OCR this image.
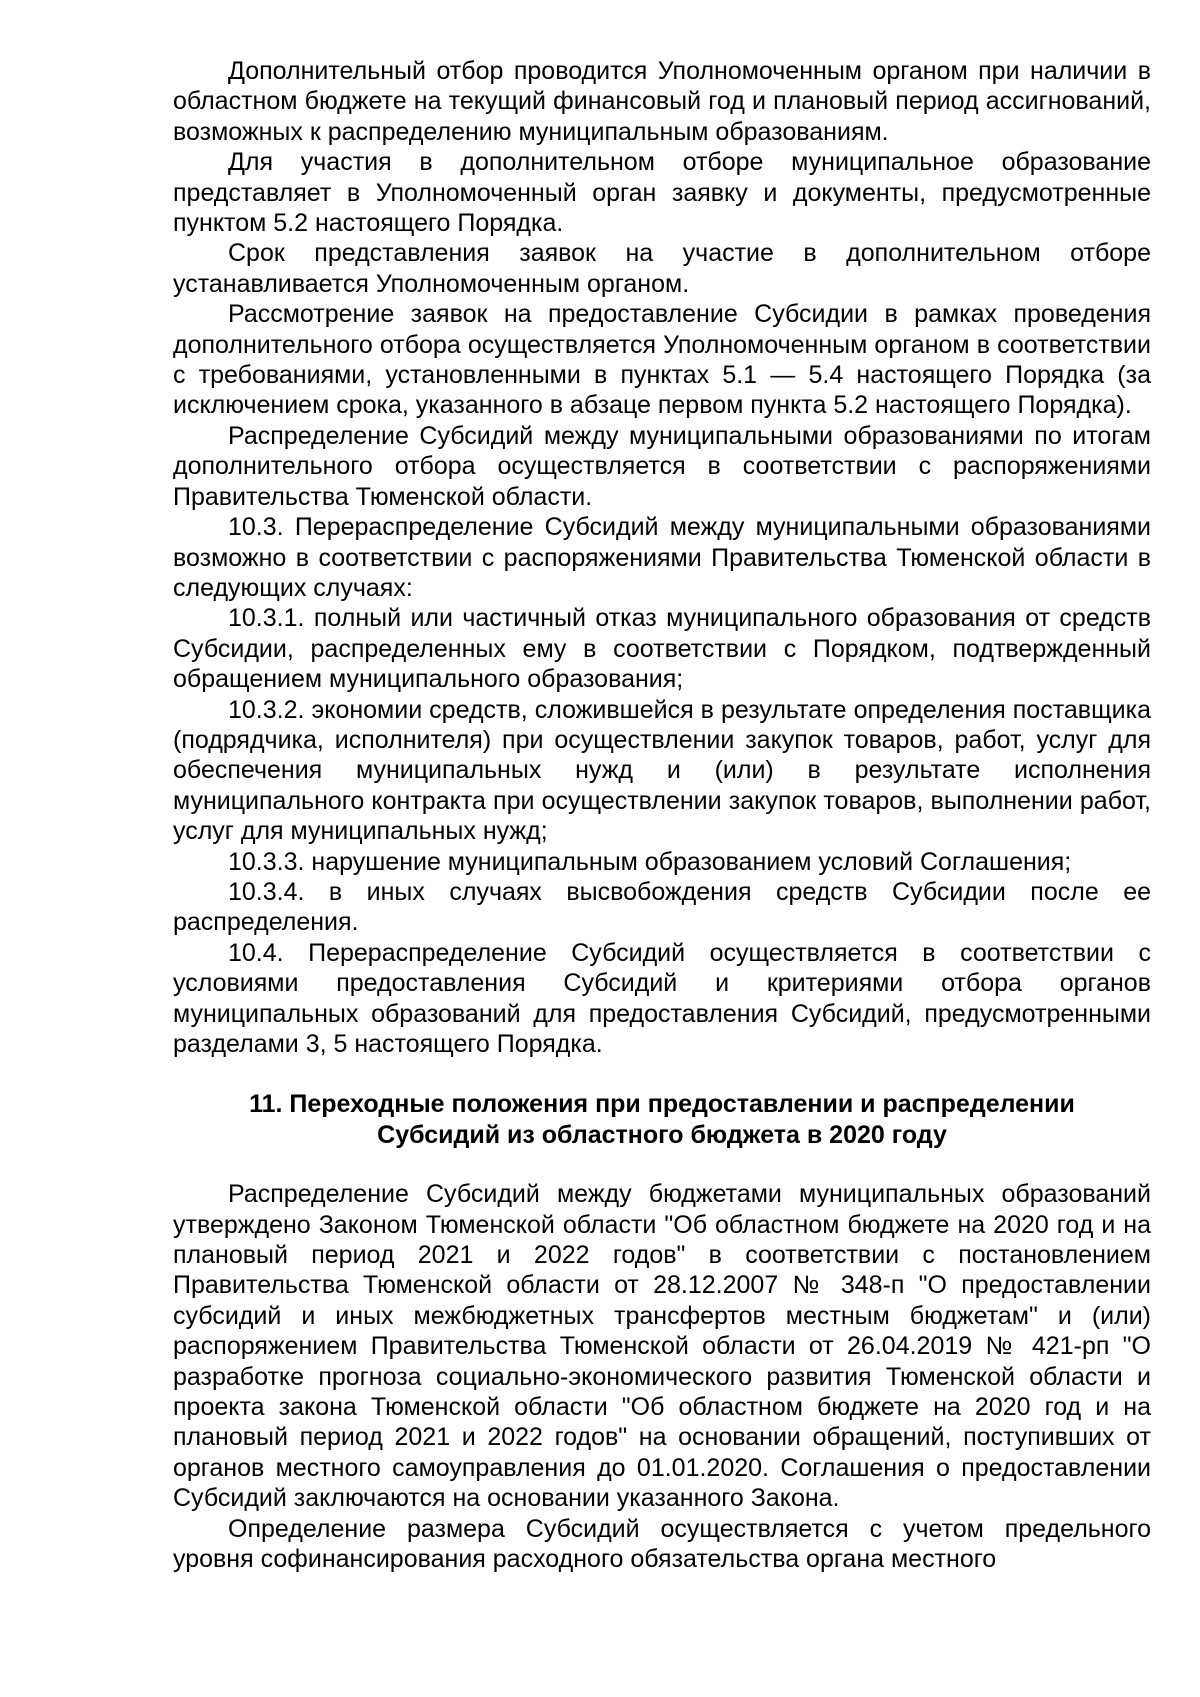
Дополнительный отбор проводится Уполномоченным органом при наличии в областном бюджете на текущий финансовый год и плановый период ассигнований, возможных к распределению муниципальным образованиям.

Для участия в дополнительном отборе муниципальное образование представляет в Уполномоченный орган заявку и документы, предусмотренные пунктом 5.2 настоящего Порядка.

Срок представления заявок на участие в дополнительном отборе устанавливается Уполномоченным органом.

Рассмотрение заявок на предоставление Субсидии в рамках проведения дополнительного отбора осуществляется Уполномоченным органом в соответствии с требованиями, установленными в пунктах 5.1 — 5.4 настоящего Порядка (за исключением срока, указанного в абзаце первом пункта 5.2 настоящего Порядка).

Распределение Субсидий между муниципальными образованиями по итогам дополнительного отбора осуществляется в соответствии с распоряжениями Правительства Тюменской области.

10.3. Перераспределение Субсидий между муниципальными образованиями возможно в соответствии с распоряжениями Правительства Тюменской области в следующих случаях:

10.3.1. полный или частичный отказ муниципального образования от средств Субсидии, распределенных ему в соответствии с Порядком, подтвержденный обращением муниципального образования;

10.3.2. экономии средств, сложившейся в результате определения поставщика (подрядчика, исполнителя) при осуществлении закупок товаров, работ, услуг для обеспечения муниципальных нужд и (или) в результате исполнения муниципального контракта при осуществлении закупок товаров, выполнении работ, услуг для муниципальных нужд;

10.3.3. нарушение муниципальным образованием условий Соглашения;

10.3.4. в иных случаях высвобождения средств Субсидии после ее распределения.

10.4. Перераспределение Субсидий осуществляется в соответствии с условиями предоставления Субсидий и критериями отбора органов муниципальных образований для предоставления Субсидий, предусмотренными разделами 3, 5 настоящего Порядка.

11. Переходные положения при предоставлении и распределении
Субсидий из областного бюджета в 2020 году

Распределение Субсидий между бюджетами муниципальных образований утверждено Законом Тюменской области "Об областном бюджете на 2020 год и на плановый период 2021 и 2022 годов" в соответствии с постановлением Правительства Тюменской области от 28.12.2007 № 348-п "О предоставлении субсидий и иных межбюджетных трансфертов местным бюджетам" и (или) распоряжением Правительства Тюменской области от 26.04.2019 № 421-рп "О разработке прогноза социально-экономического развития Тюменской области и проекта закона Тюменской области "Об областном бюджете на 2020 год и на плановый период 2021 и 2022 годов" на основании обращений, поступивших от органов местного самоуправления до 01.01.2020. Соглашения о предоставлении Субсидий заключаются на основании указанного Закона.

Определение размера Субсидий осуществляется с учетом предельного уровня софинансирования расходного обязательства органа местного
